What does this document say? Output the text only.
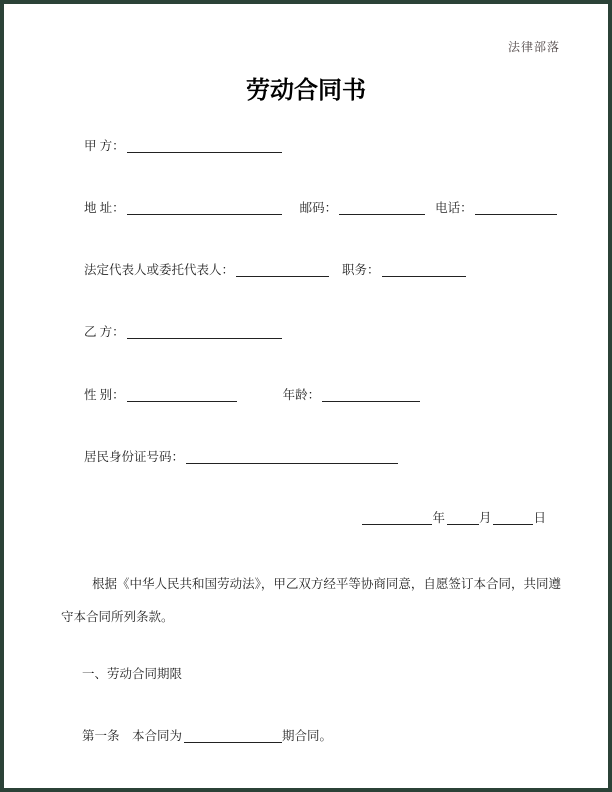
法律部落
劳动合同书
甲 方：
地 址：	邮码：	电话：
法定代表人或委托代表人：	职务：
乙 方：
性 别：	年龄：
居民身份证号码：
年	月	日

根据《中华人民共和国劳动法》，甲乙双方经平等协商同意，自愿签订本合同，共同遵守本合同所列条款。

一、劳动合同期限
第一条　本合同为	期合同。
